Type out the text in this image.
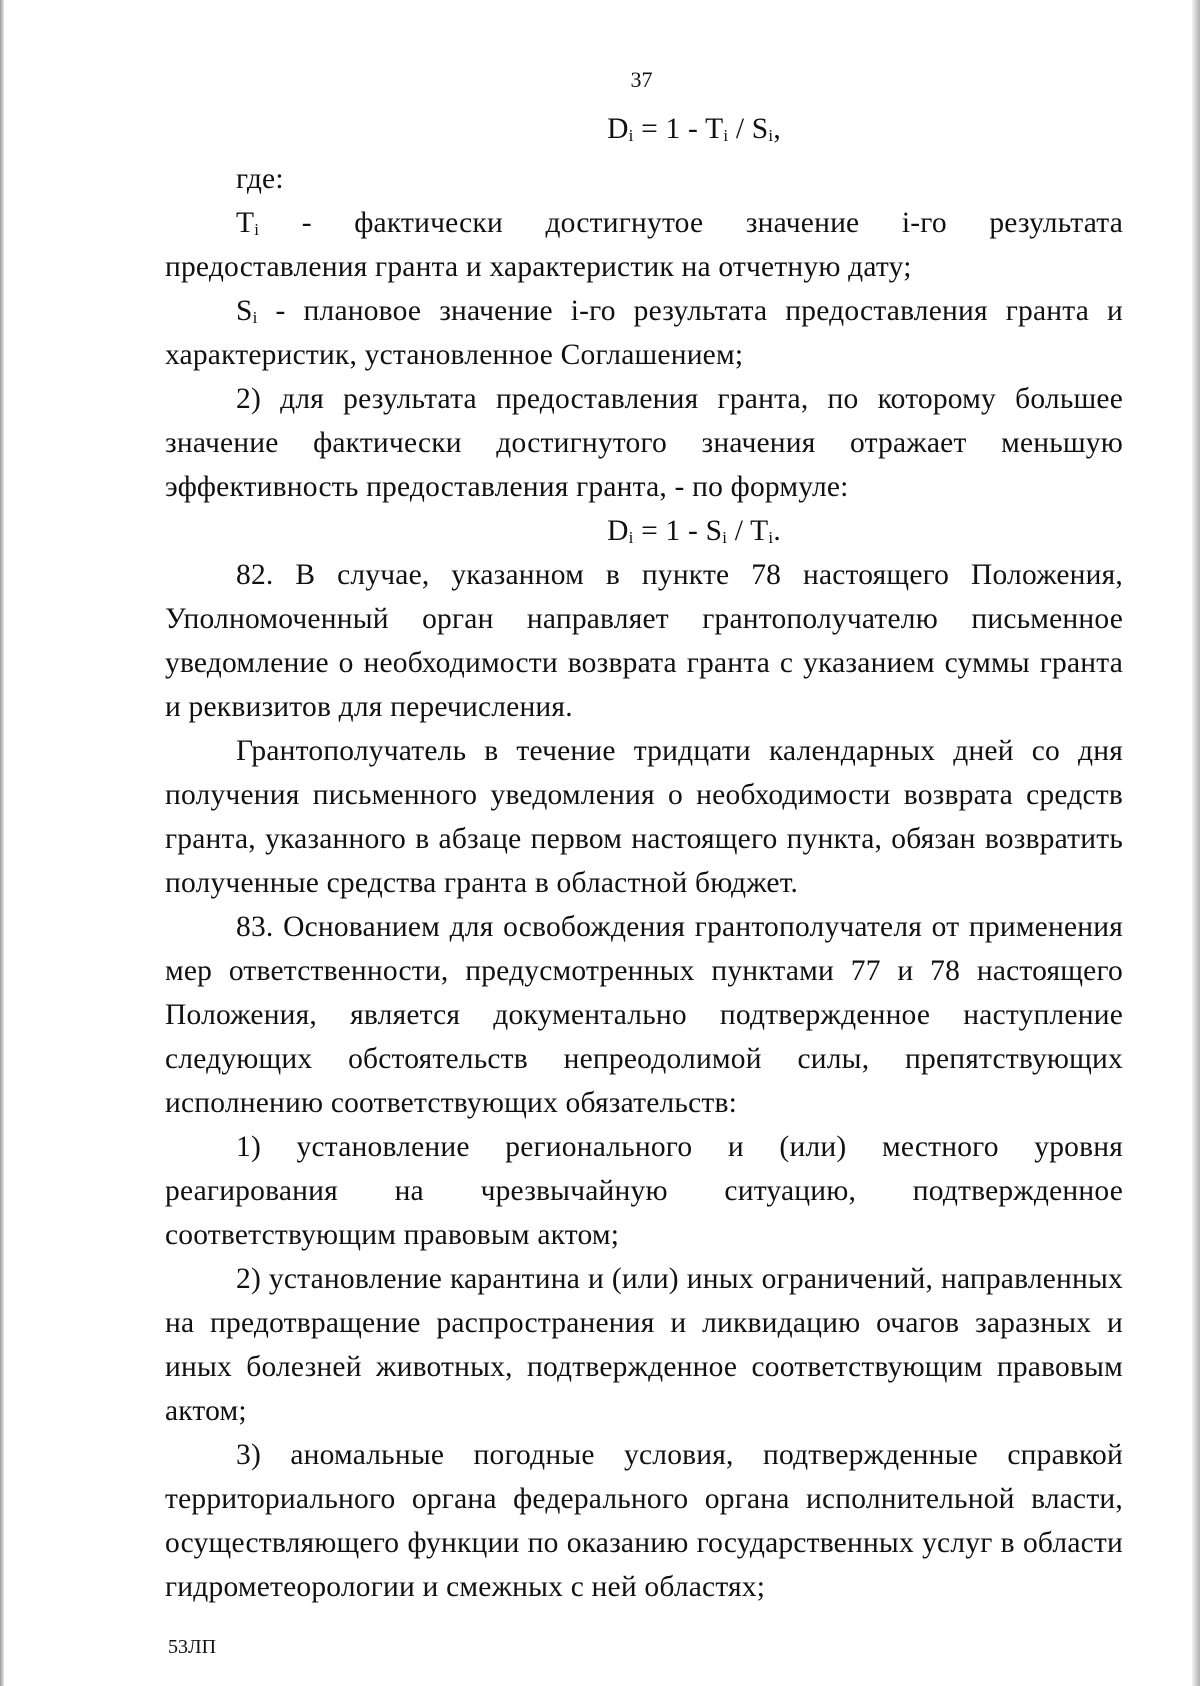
37

$D_i = 1 - T_i / S_i$,

где:

$T_i$ - фактически достигнутое значение i-го результата предоставления гранта и характеристик на отчетную дату;

$S_i$ - плановое значение i-го результата предоставления гранта и характеристик, установленное Соглашением;

2) для результата предоставления гранта, по которому большее значение фактически достигнутого значения отражает меньшую эффективность предоставления гранта, - по формуле:

$D_i = 1 - S_i / T_i$.

82. В случае, указанном в пункте 78 настоящего Положения, Уполномоченный орган направляет грантополучателю письменное уведомление о необходимости возврата гранта с указанием суммы гранта и реквизитов для перечисления.

Грантополучатель в течение тридцати календарных дней со дня получения письменного уведомления о необходимости возврата средств гранта, указанного в абзаце первом настоящего пункта, обязан возвратить полученные средства гранта в областной бюджет.

83. Основанием для освобождения грантополучателя от применения мер ответственности, предусмотренных пунктами 77 и 78 настоящего Положения, является документально подтвержденное наступление следующих обстоятельств непреодолимой силы, препятствующих исполнению соответствующих обязательств:

1) установление регионального и (или) местного уровня реагирования на чрезвычайную ситуацию, подтвержденное соответствующим правовым актом;

2) установление карантина и (или) иных ограничений, направленных на предотвращение распространения и ликвидацию очагов заразных и иных болезней животных, подтвержденное соответствующим правовым актом;

3) аномальные погодные условия, подтвержденные справкой территориального органа федерального органа исполнительной власти, осуществляющего функции по оказанию государственных услуг в области гидрометеорологии и смежных с ней областях;

53ЛП
